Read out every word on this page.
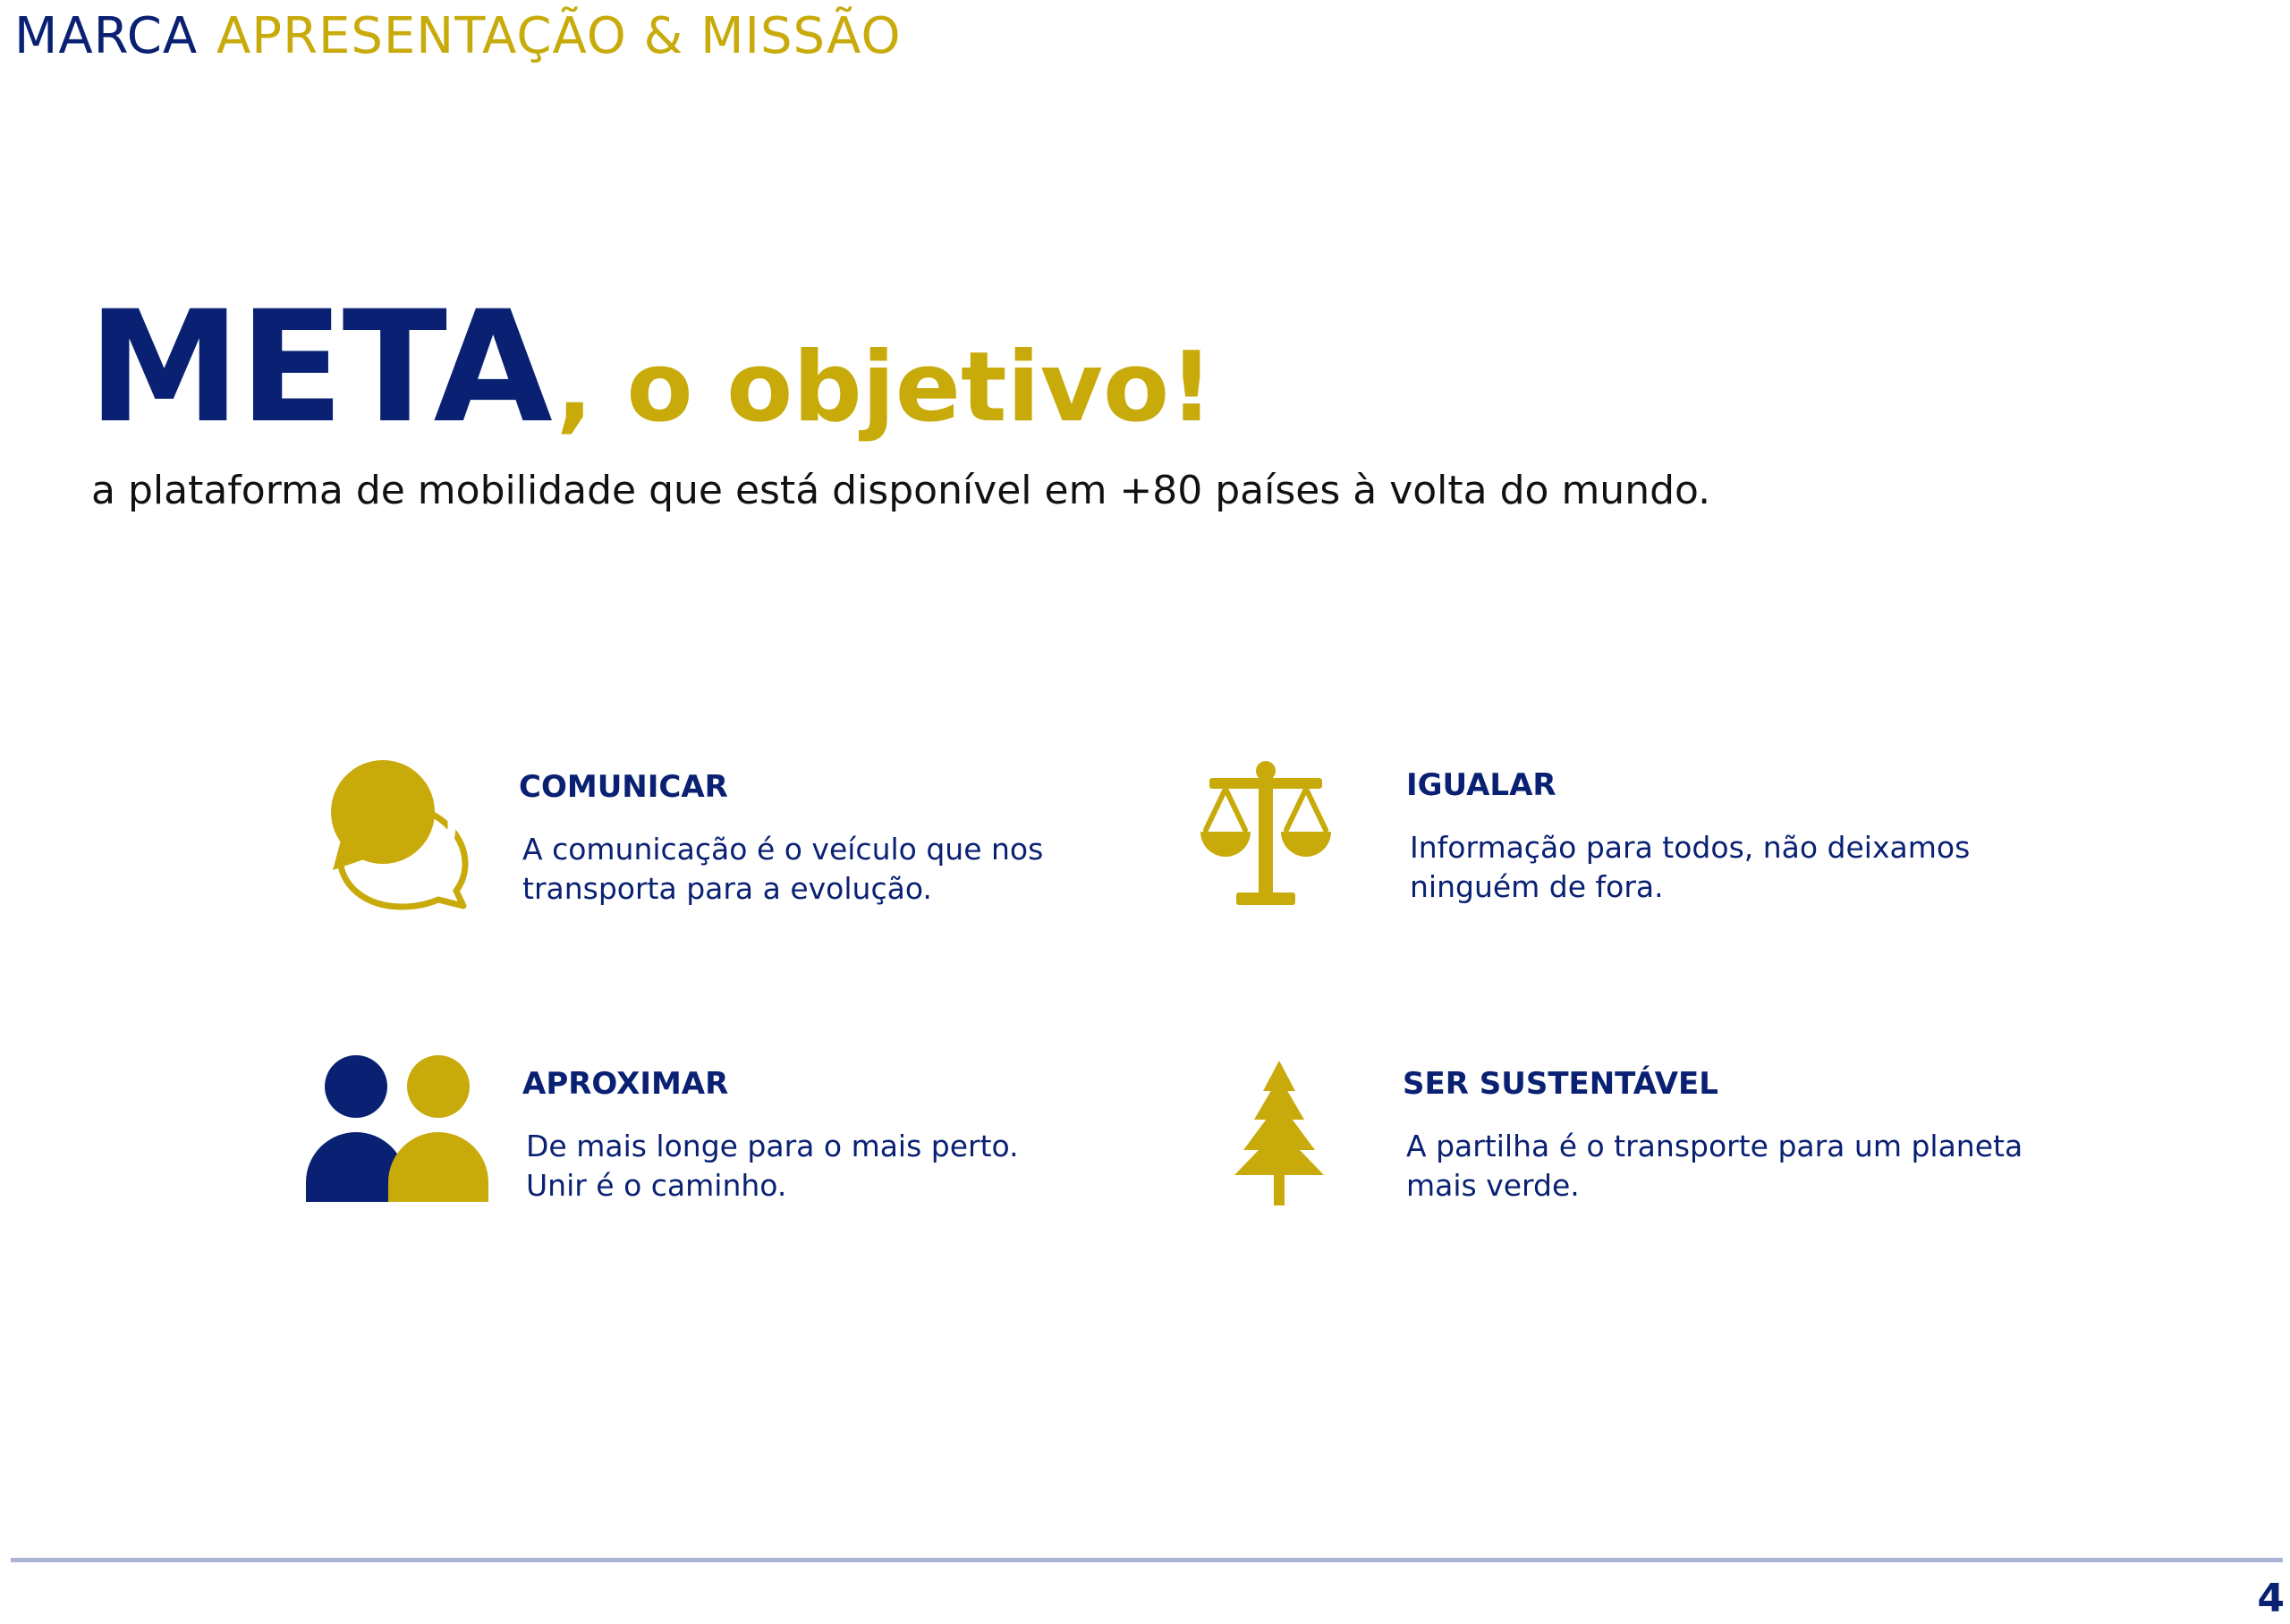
MARCA APRESENTAÇÃO & MISSÃO
META, o objetivo!
a plataforma de mobilidade que está disponível em +80 países à volta do mundo.
COMUNICAR
A comunicação é o veículo que nos
transporta para a evolução.
IGUALAR
Informação para todos, não deixamos
ninguém de fora.
APROXIMAR
De mais longe para o mais perto.
Unir é o caminho.
SER SUSTENTÁVEL
A partilha é o transporte para um planeta
mais verde.
4
